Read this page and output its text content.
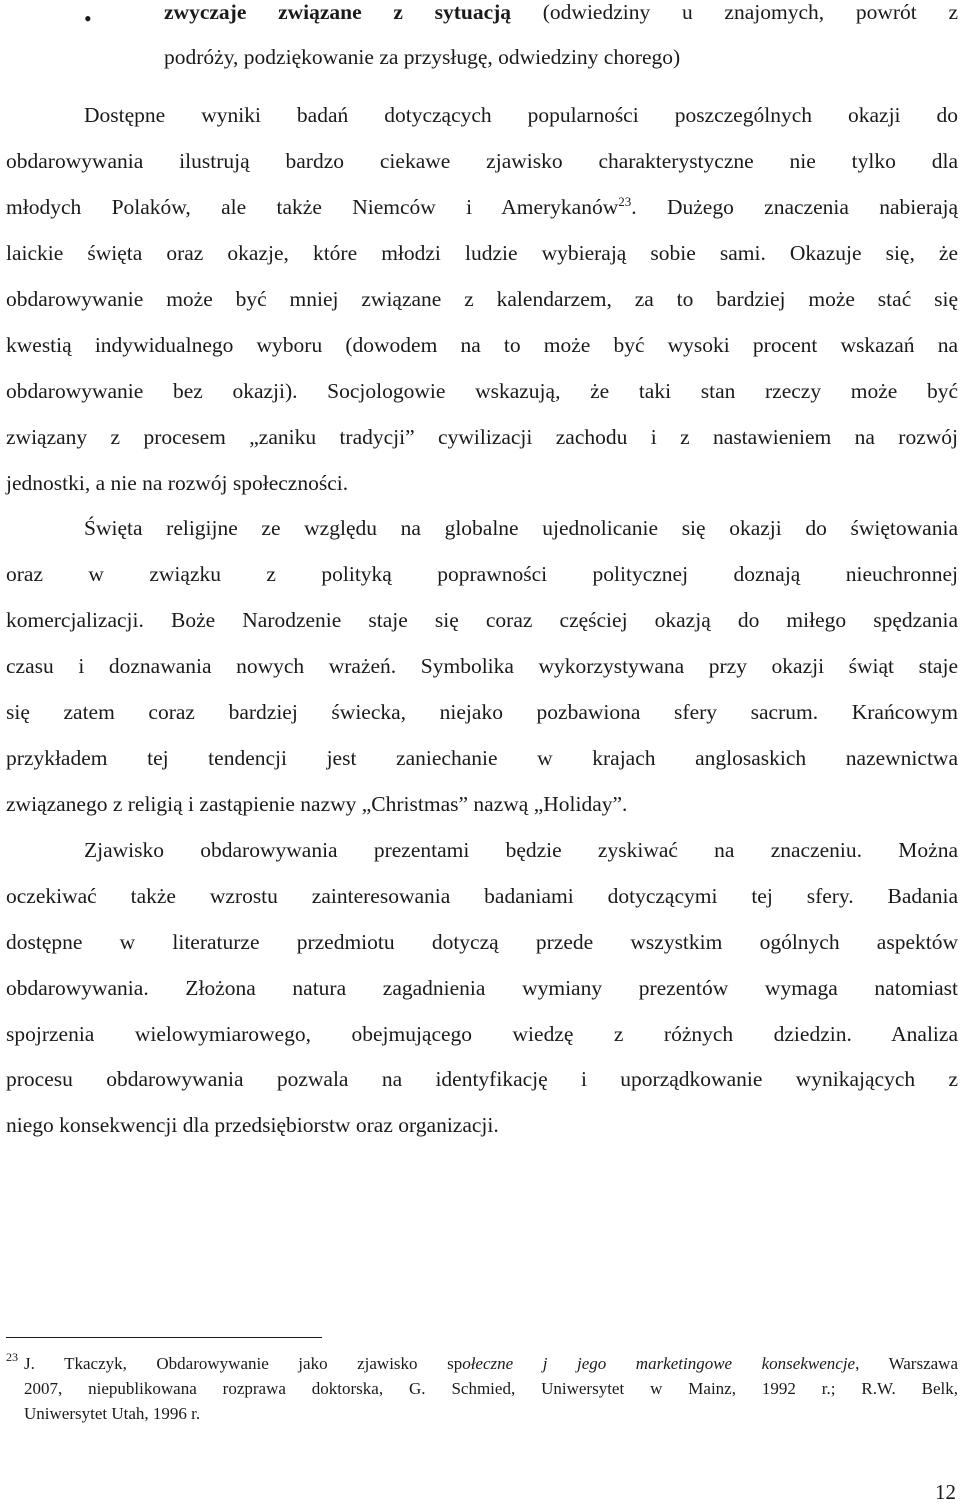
•	zwyczaje związane z sytuacją (odwiedziny u znajomych, powrót z
podróży, podziękowanie za przysługę, odwiedziny chorego)
Dostępne wyniki badań dotyczących popularności poszczególnych okazji do
obdarowywania ilustrują bardzo ciekawe zjawisko charakterystyczne nie tylko dla
młodych Polaków, ale także Niemców i Amerykanów$^{23}$. Dużego znaczenia nabierają
laickie święta oraz okazje, które młodzi ludzie wybierają sobie sami. Okazuje się, że
obdarowywanie może być mniej związane z kalendarzem, za to bardziej może stać się
kwestią indywidualnego wyboru (dowodem na to może być wysoki procent wskazań na
obdarowywanie bez okazji). Socjologowie wskazują, że taki stan rzeczy może być
związany z procesem „zaniku tradycji” cywilizacji zachodu i z nastawieniem na rozwój
jednostki, a nie na rozwój społeczności.
Święta religijne ze względu na globalne ujednolicanie się okazji do świętowania
oraz w związku z polityką poprawności politycznej doznają nieuchronnej
komercjalizacji. Boże Narodzenie staje się coraz częściej okazją do miłego spędzania
czasu i doznawania nowych wrażeń. Symbolika wykorzystywana przy okazji świąt staje
się zatem coraz bardziej świecka, niejako pozbawiona sfery sacrum. Krańcowym
przykładem tej tendencji jest zaniechanie w krajach anglosaskich nazewnictwa
związanego z religią i zastąpienie nazwy „Christmas” nazwą „Holiday”.
Zjawisko obdarowywania prezentami będzie zyskiwać na znaczeniu. Można
oczekiwać także wzrostu zainteresowania badaniami dotyczącymi tej sfery. Badania
dostępne w literaturze przedmiotu dotyczą przede wszystkim ogólnych aspektów
obdarowywania. Złożona natura zagadnienia wymiany prezentów wymaga natomiast
spojrzenia wielowymiarowego, obejmującego wiedzę z różnych dziedzin. Analiza
procesu obdarowywania pozwala na identyfikację i uporządkowanie wynikających z
niego konsekwencji dla przedsiębiorstw oraz organizacji.
23 J. Tkaczyk, Obdarowywanie jako zjawisko społeczne j jego marketingowe konsekwencje, Warszawa
2007, niepublikowana rozprawa doktorska, G. Schmied, Uniwersytet w Mainz, 1992 r.; R.W. Belk,
Uniwersytet Utah, 1996 r.
12
